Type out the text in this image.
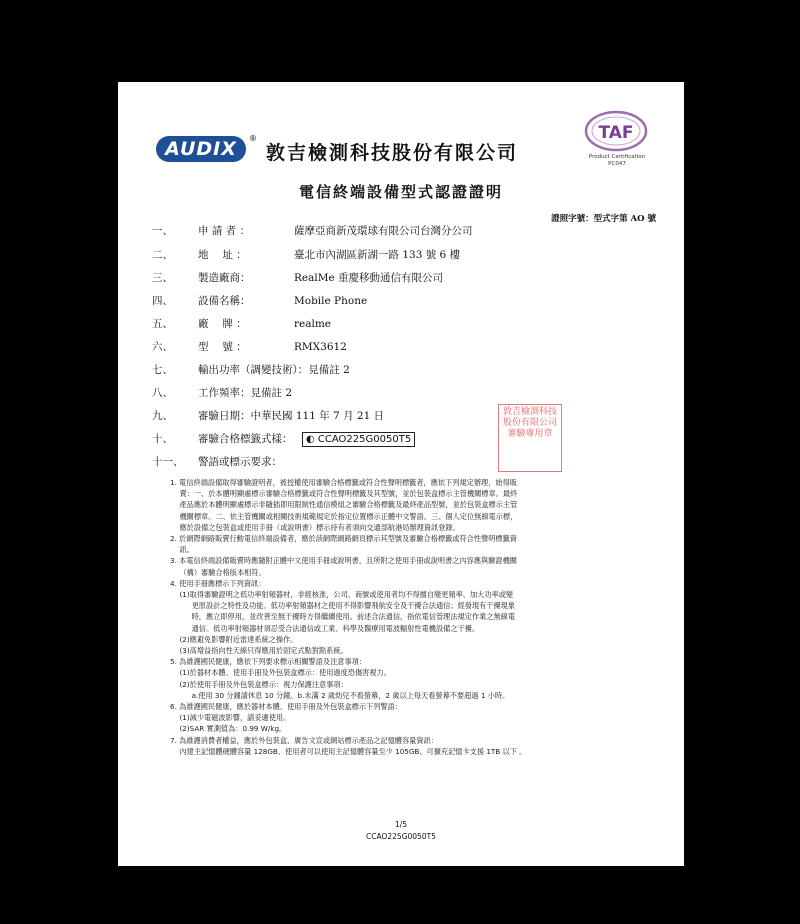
AUDIX	®
敦吉檢測科技股份有限公司
TAF
Product Certification
PC047
電信終端設備型式認證證明
證照字號：型式字第 AO 號
一、	申 請 者 ：	薩摩亞商新茂環球有限公司台灣分公司
二、	地　 址 ：	臺北市內湖區新湖一路 133 號 6 樓
三、	製造廠商：	RealMe 重慶移動通信有限公司
四、	設備名稱：	Mobile Phone
五、	廠　 牌 ：	realme
六、	型　 號 ：	RMX3612
七、	輸出功率（調變技術）：見備註 2
八、	工作頻率：見備註 2
九、	審驗日期：中華民國 111 年 7 月 21 日
十、	審驗合格標籤式樣：	◐ CCAO225G0050T5
十一、	警語或標示要求：
敦吉檢測科技股份有限公司審驗專用章

1. 電信終端設備取得審驗證明者，被授權使用審驗合格標籤或符合性聲明標籤者，應依下列規定辦理，始得販

　 賣：一、於本體明顯處標示審驗合格標籤或符合性聲明標籤及其型號，並於包裝盒標示主管機關標章。最終

　 產品應於本體明顯處標示非隨插即用限制性通信模組之審驗合格標籤及最終產品型號，並於包裝盒標示主管

　 機關標章。二、依主管機關或相關技術規範規定於指定位置標示正體中文警語。三、個人定位無線電示標，

　 應於設備之包裝盒或使用手冊（或說明書）標示持有者須向交通部航港局辦理資訊登錄。

2. 於網際網路販賣行動電信終端設備者，應於該網際網路網頁標示其型號及審驗合格標籤或符合性聲明標籤資

　 訊。

3. 本電信終端設備販賣時應隨附正體中文使用手冊或說明書，且所附之使用手冊或說明書之內容應與驗證機關

　 （構）審驗合格版本相符。

4. 使用手冊應標示下列資訊：

　 (1)取得審驗證明之低功率射頻器材，非經核准，公司、商號或使用者均不得擅自變更頻率、加大功率或變

　　　更原設計之特性及功能。低功率射頻器材之使用不得影響飛航安全及干擾合法通信；經發現有干擾現象

　　　時，應立即停用，並改善至無干擾時方得繼續使用。前述合法通信，指依電信管理法規定作業之無線電

　　　通信。低功率射頻器材須忍受合法通信或工業、科學及醫療用電波輻射性電機設備之干擾。

　 (2)應避免影響附近雷達系統之操作。

　 (3)高增益指向性天線只得應用於固定式點對點系統。

5. 為維護國民健康，應依下列要求標示相關警語及注意事項：

　 (1)於器材本體、使用手冊及外包裝盒標示：使用過度恐傷害視力。

　 (2)於使用手冊及外包裝盒標示：視力保護注意事項：

　　　a.使用 30 分鐘請休息 10 分鐘。b.未滿 2 歲幼兒不看螢幕，2 歲以上每天看螢幕不要超過 1 小時。

6. 為維護國民健康，應於器材本體、使用手冊及外包裝盒標示下列警語：

　 (1)減少電磁波影響，請妥適使用。

　 (2)SAR 實測值為：0.99 W/kg。

7. 為維護消費者權益，應於外包裝盒、廣告文宣或網站標示產品之記憶體容量資訊：

　 內建主記憶體硬體容量 128GB、使用者可以使用主記憶體容量至少 105GB、可擴充記憶卡支援 1TB 以下 。

1/5
CCAO225G0050T5
